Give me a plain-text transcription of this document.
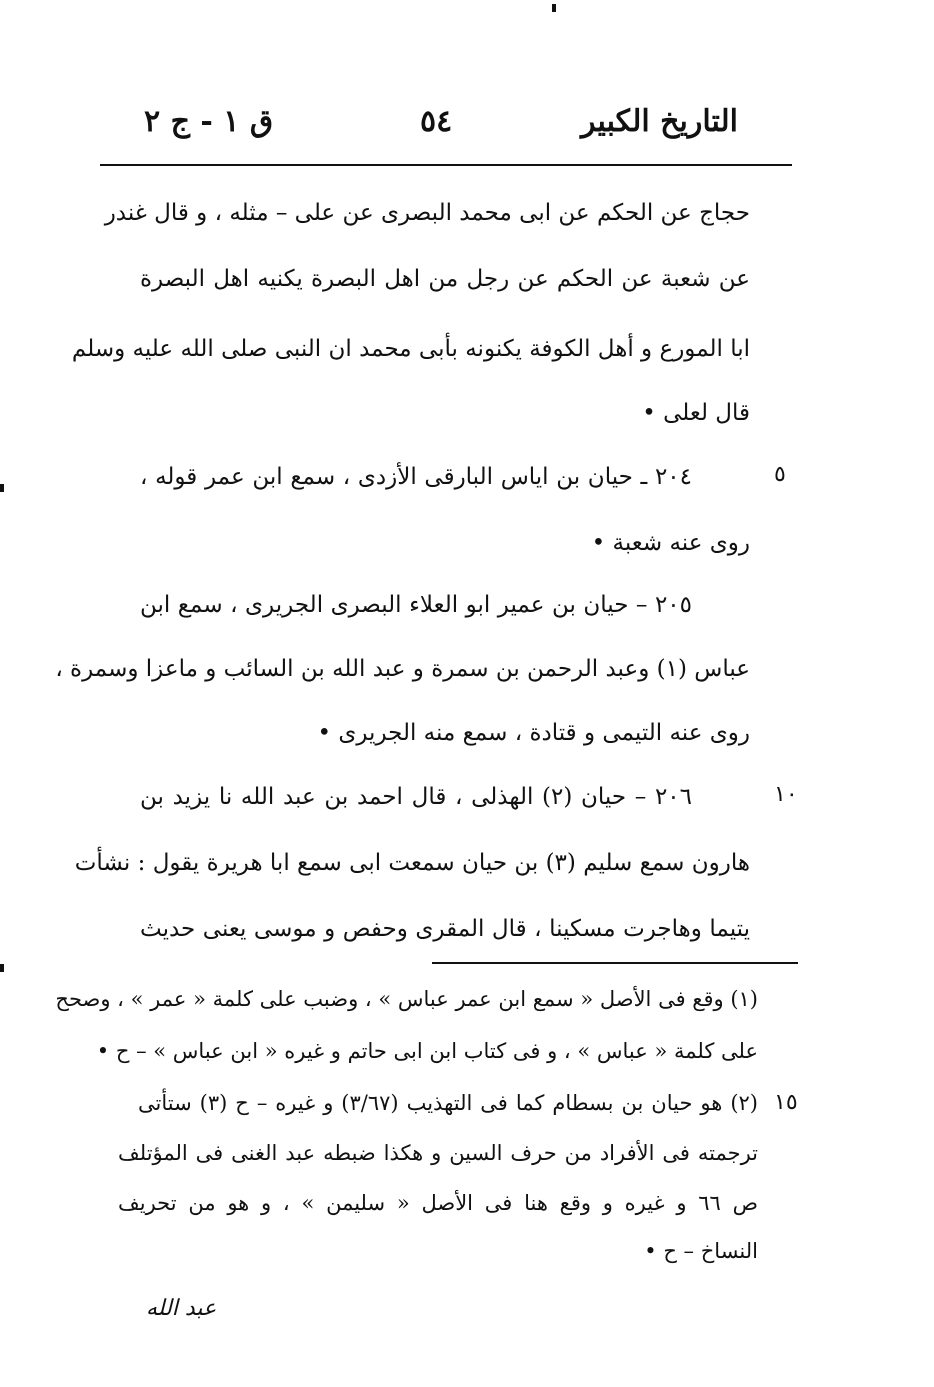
التاريخ الكبير
٥٤
ق ١ - ج ٢
حجاج عن الحكم عن ابى محمد البصرى عن على – مثله ، و قال غندر
عن شعبة عن الحكم عن رجل من اهل البصرة يكنيه اهل البصرة
ابا المورع و أهل الكوفة يكنونه بأبى محمد ان النبى صلى الله عليه وسلم
قال لعلى •
٢٠٤ ـ حيان بن اياس البارقى الأزدى ، سمع ابن عمر قوله ،
روى عنه شعبة •
٢٠٥ – حيان بن عمير ابو العلاء البصرى الجريرى ، سمع ابن
عباس (١) وعبد الرحمن بن سمرة و عبد الله بن السائب و ماعزا وسمرة ،
روى عنه التيمى و قتادة ، سمع منه الجريرى •
٢٠٦ – حيان (٢) الهذلى ، قال احمد بن عبد الله نا يزيد بن
هارون سمع سليم (٣) بن حيان سمعت ابى سمع ابا هريرة يقول : نشأت
يتيما وهاجرت مسكينا ، قال المقرى وحفص و موسى يعنى حديث
٥
١٠
١٥
(١) وقع فى الأصل « سمع ابن عمر عباس » ، وضبب على كلمة « عمر » ، وصحح
على كلمة « عباس » ، و فى كتاب ابن ابى حاتم و غيره « ابن عباس » – ح •
(٢) هو حيان بن بسطام كما فى التهذيب (٣/٦٧) و غيره – ح (٣) ستأتى
ترجمته فى الأفراد من حرف السين و هكذا ضبطه عبد الغنى فى المؤتلف
ص ٦٦ و غيره و وقع هنا فى الأصل « سليمن » ، و هو من تحريف
النساخ – ح •
عبد الله
